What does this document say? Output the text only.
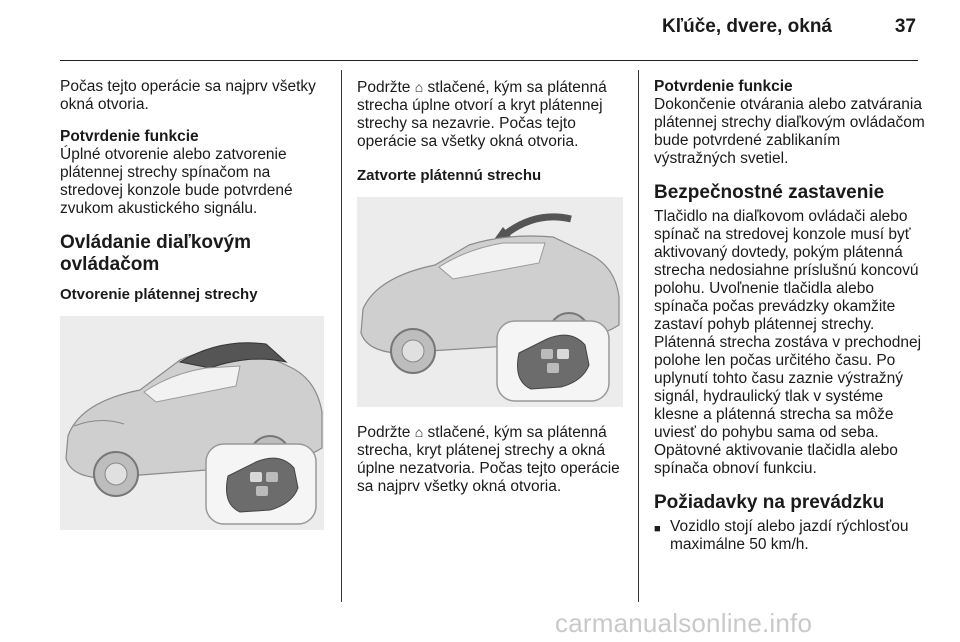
Kľúče, dvere, okná	37

Počas tejto operácie sa najprv všetky okná otvoria.

Potvrdenie funkcie
Úplné otvorenie alebo zatvorenie plátennej strechy spínačom na stredovej konzole bude potvrdené zvukom akustického signálu.

Ovládanie diaľkovým ovládačom
Otvorenie plátennej strechy

Podržte ⌂ stlačené, kým sa plátenná strecha úplne otvorí a kryt plátennej strechy sa nezavrie. Počas tejto operácie sa všetky okná otvoria.

Zatvorte plátennú strechu

Podržte ⌂ stlačené, kým sa plátenná strecha, kryt plátenej strechy a okná úplne nezatvoria. Počas tejto operácie sa najprv všetky okná otvoria.

Potvrdenie funkcie
Dokončenie otvárania alebo zatvárania plátennej strechy diaľkovým ovládačom bude potvrdené zablikaním výstražných svetiel.

Bezpečnostné zastavenie

Tlačidlo na diaľkovom ovládači alebo spínač na stredovej konzole musí byť aktivovaný dovtedy, pokým plátenná strecha nedosiahne príslušnú koncovú polohu. Uvoľnenie tlačidla alebo spínača počas prevádzky okamžite zastaví pohyb plátennej strechy. Plátenná strecha zostáva v prechodnej polohe len počas určitého času. Po uplynutí tohto času zaznie výstražný signál, hydraulický tlak v systéme klesne a plátenná strecha sa môže uviesť do pohybu sama od seba. Opätovné aktivovanie tlačidla alebo spínača obnoví funkciu.

Požiadavky na prevádzku
■ Vozidlo stojí alebo jazdí rýchlosťou maximálne 50 km/h.
carmanualsonline.info
